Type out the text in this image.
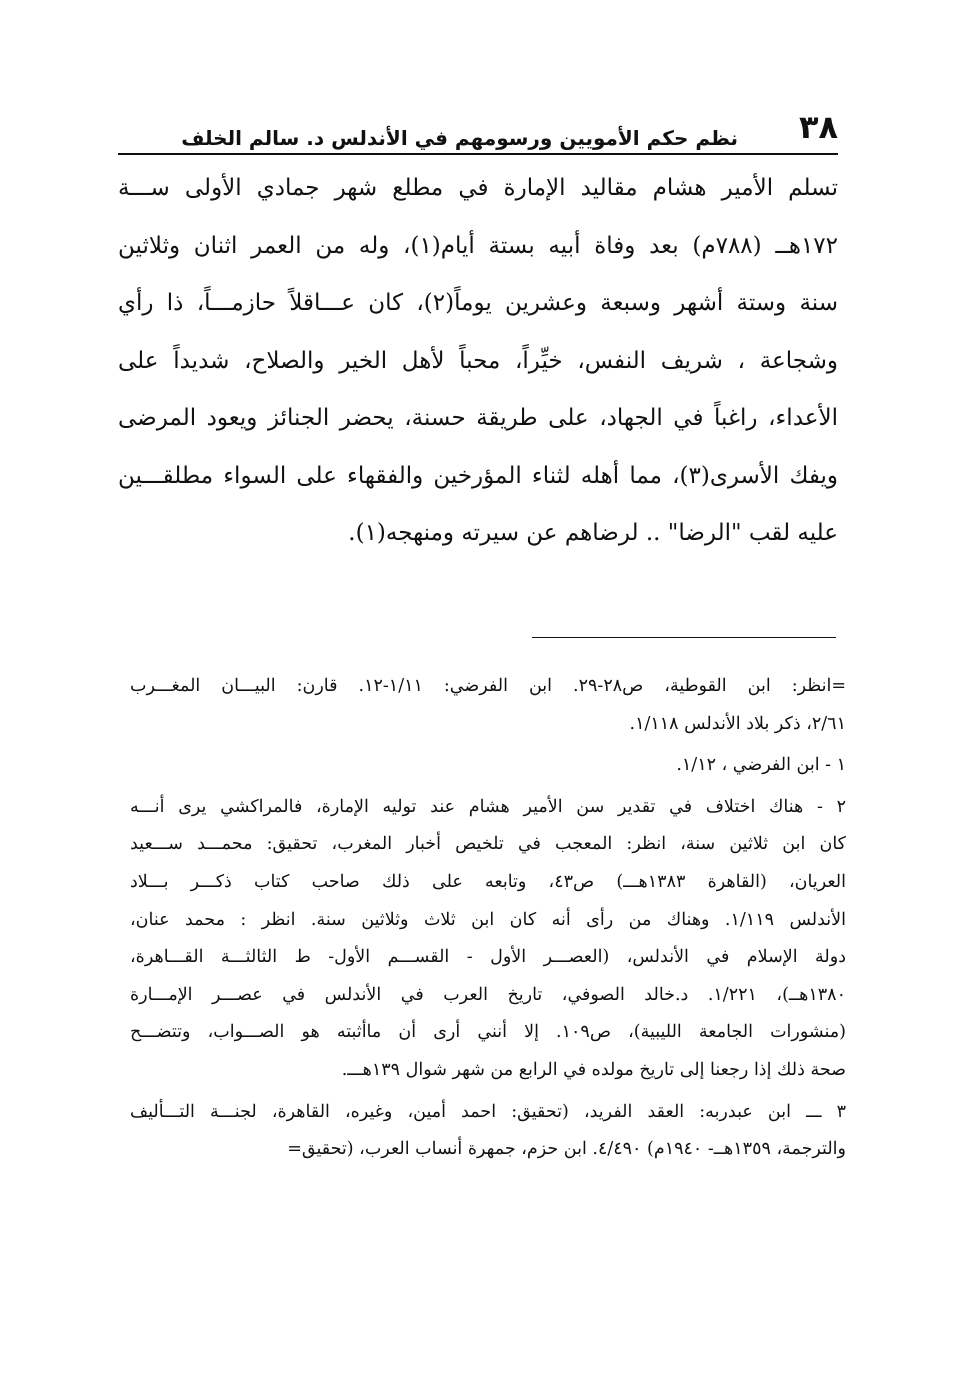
٣٨
نظم حكم الأمويين ورسومهم في الأندلس د. سالم الخلف
تسلم الأمير هشام مقاليد الإمارة في مطلع شهر جمادي الأولى ســـة
١٧٢هــ (٧٨٨م) بعد وفاة أبيه بستة أيام(١)، وله من العمر اثنان وثلاثين
سنة وستة أشهر وسبعة وعشرين يوماً(٢)، كان عـــاقلاً حازمـــاً، ذا رأي
وشجاعة ، شريف النفس، خيِّراً، محباً لأهل الخير والصلاح، شديداً على
الأعداء، راغباً في الجهاد، على طريقة حسنة، يحضر الجنائز ويعود المرضى
ويفك الأسرى(٣)، مما أهله لثناء المؤرخين والفقهاء على السواء مطلقـــين
عليه لقب "الرضا" .. لرضاهم عن سيرته ومنهجه(١).
=انظر: ابن القوطية، ص٢٨-٢٩. ابن الفرضي: ١/١١-١٢. قارن: البيـــان المغـــرب
٢/٦١، ذكر بلاد الأندلس ١/١١٨.
١ - ابن الفرضي ، ١/١٢.
٢ - هناك اختلاف في تقدير سن الأمير هشام عند توليه الإمارة، فالمراكشي يرى أنـــه
كان ابن ثلاثين سنة، انظر: المعجب في تلخيص أخبار المغرب، تحقيق: محمـــد ســـعيد
العريان، (القاهرة ١٣٨٣هـــ) ص٤٣، وتابعه على ذلك صاحب كتاب ذكـــر بـــلاد
الأندلس ١/١١٩. وهناك من رأى أنه كان ابن ثلاث وثلاثين سنة. انظر : محمد عنان،
دولة الإسلام في الأندلس، (العصـــر الأول - القســـم الأول- ط الثالثـــة القـــاهرة،
١٣٨٠هــ)، ١/٢٢١. د.خالد الصوفي، تاريخ العرب في الأندلس في عصـــر الإمـــارة
(منشورات الجامعة الليبية)، ص١٠٩. إلا أنني أرى أن ماأثبته هو الصـــواب، وتتضـــح
صحة ذلك إذا رجعنا إلى تاريخ مولده في الرابع من شهر شوال ١٣٩هـــ.
٣ ـــ ابن عبدربه: العقد الفريد، (تحقيق: احمد أمين، وغيره، القاهرة، لجنـــة التـــأليف
والترجمة، ١٣٥٩هــ- ١٩٤٠م) ٤/٤٩٠. ابن حزم، جمهرة أنساب العرب، (تحقيق=
